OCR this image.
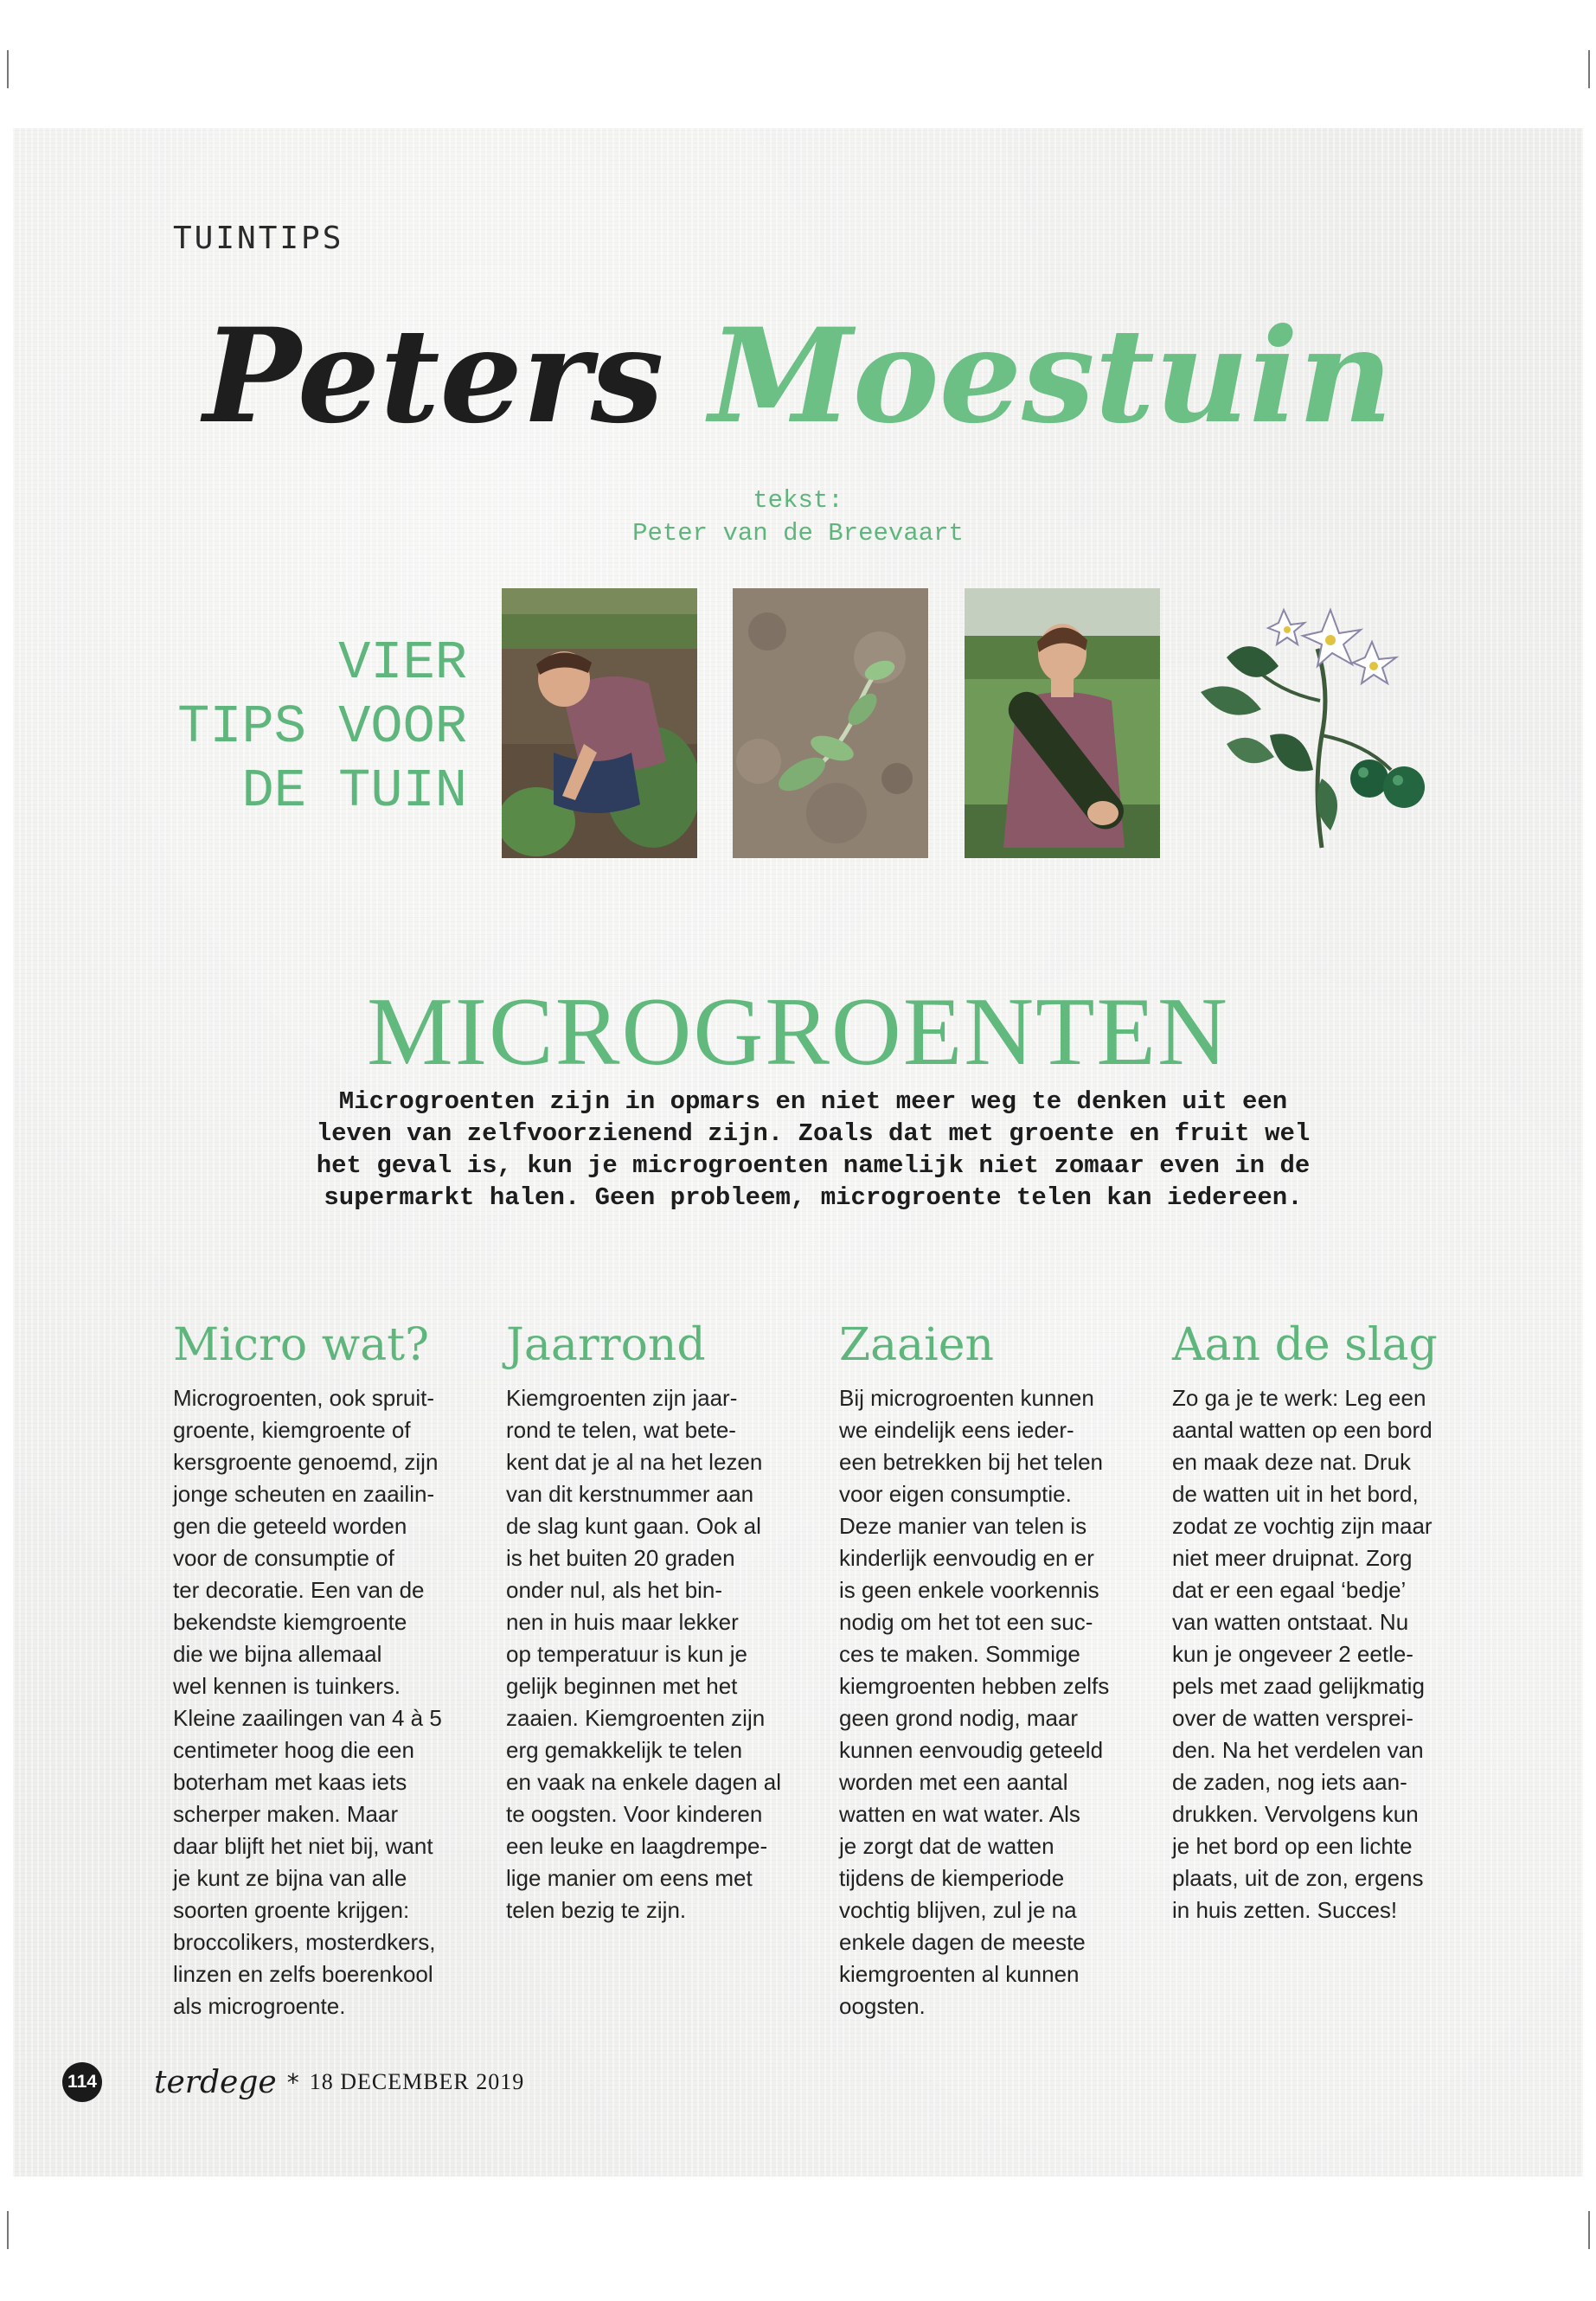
TUINTIPS
Peters Moestuin
tekst:
Peter van de Breevaart
VIER
TIPS VOOR
DE TUIN
MICROGROENTEN
Microgroenten zijn in opmars en niet meer weg te denken uit een
leven van zelfvoorzienend zijn. Zoals dat met groente en fruit wel
het geval is, kun je microgroenten namelijk niet zomaar even in de
supermarkt halen. Geen probleem, microgroente telen kan iedereen.
Micro wat?

Microgroenten, ook spruit-
groente, kiemgroente of
kersgroente genoemd, zijn
jonge scheuten en zaailin-
gen die geteeld worden
voor de consumptie of
ter decoratie. Een van de
bekendste kiemgroente
die we bijna allemaal
wel kennen is tuinkers.
Kleine zaailingen van 4 à 5
centimeter hoog die een
boterham met kaas iets
scherper maken. Maar
daar blijft het niet bij, want
je kunt ze bijna van alle
soorten groente krijgen:
broccolikers, mosterdkers,
linzen en zelfs boerenkool
als microgroente.

Jaarrond

Kiemgroenten zijn jaar-
rond te telen, wat bete-
kent dat je al na het lezen
van dit kerstnummer aan
de slag kunt gaan. Ook al
is het buiten 20 graden
onder nul, als het bin-
nen in huis maar lekker
op temperatuur is kun je
gelijk beginnen met het
zaaien. Kiemgroenten zijn
erg gemakkelijk te telen
en vaak na enkele dagen al
te oogsten. Voor kinderen
een leuke en laagdrempe-
lige manier om eens met
telen bezig te zijn.

Zaaien

Bij microgroenten kunnen
we eindelijk eens ieder-
een betrekken bij het telen
voor eigen consumptie.
Deze manier van telen is
kinderlijk eenvoudig en er
is geen enkele voorkennis
nodig om het tot een suc-
ces te maken. Sommige
kiemgroenten hebben zelfs
geen grond nodig, maar
kunnen eenvoudig geteeld
worden met een aantal
watten en wat water. Als
je zorgt dat de watten
tijdens de kiemperiode
vochtig blijven, zul je na
enkele dagen de meeste
kiemgroenten al kunnen
oogsten.

Aan de slag

Zo ga je te werk: Leg een
aantal watten op een bord
en maak deze nat. Druk
de watten uit in het bord,
zodat ze vochtig zijn maar
niet meer druipnat. Zorg
dat er een egaal ‘bedje’
van watten ontstaat. Nu
kun je ongeveer 2 eetle-
pels met zaad gelijkmatig
over de watten versprei-
den. Na het verdelen van
de zaden, nog iets aan-
drukken. Vervolgens kun
je het bord op een lichte
plaats, uit de zon, ergens
in huis zetten. Succes!

114 terdege * 18 DECEMBER 2019
